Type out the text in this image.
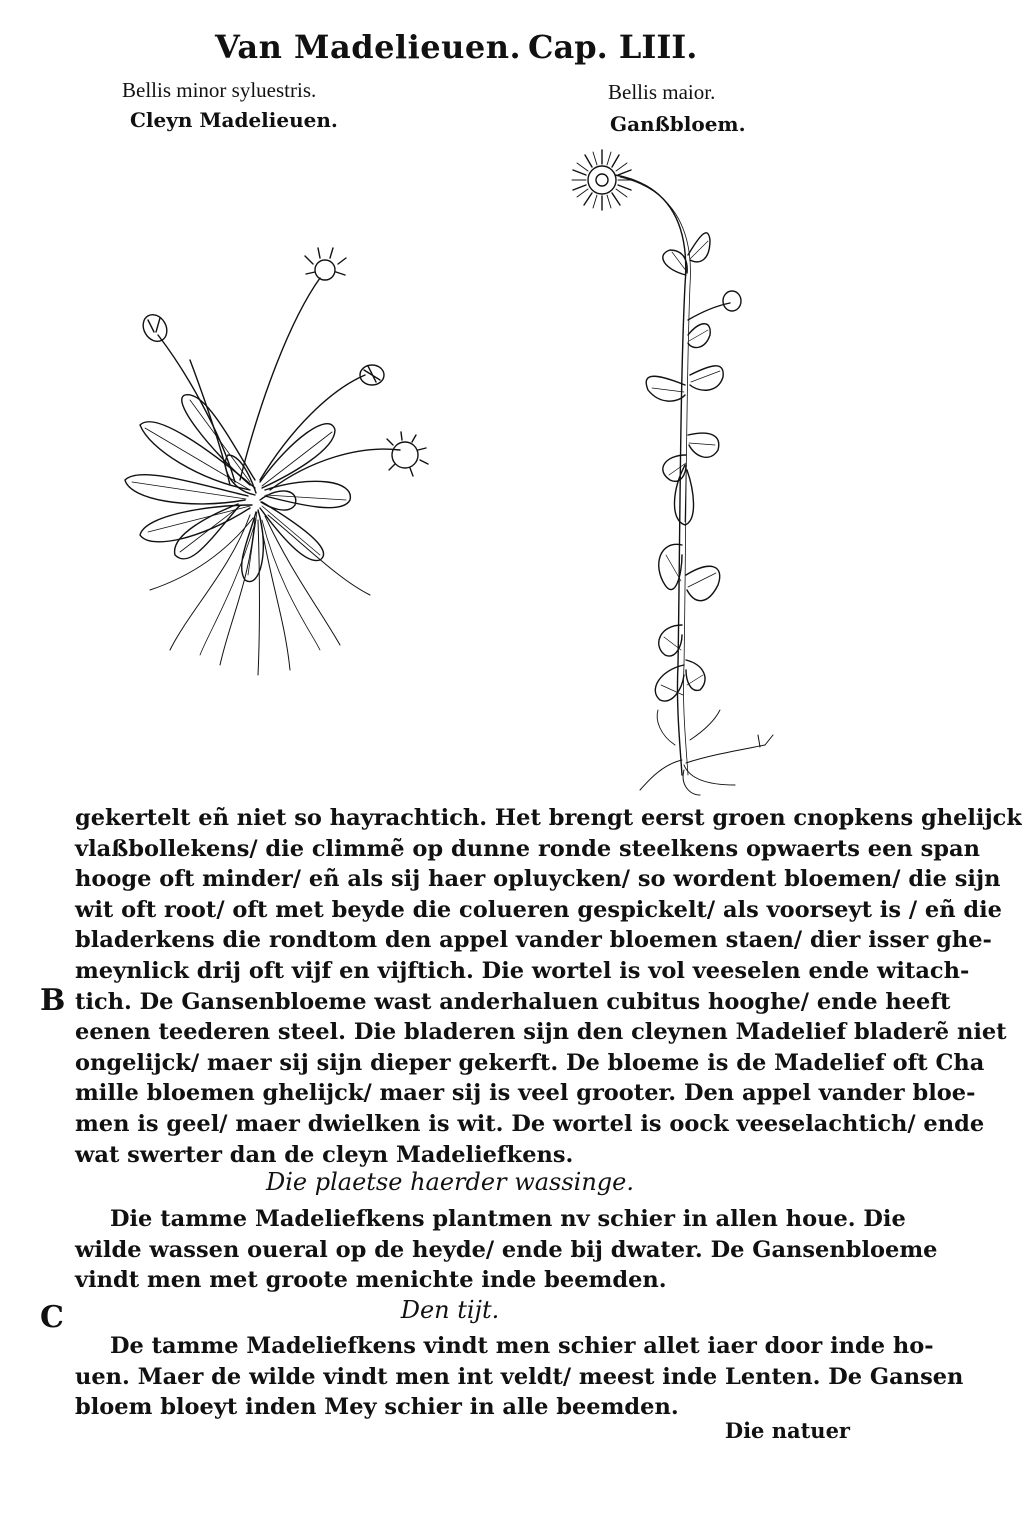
Van Madelieuen. Cap. LIII.
Bellis minor syluestris.
Cleyn Madelieuen.
Bellis maior.
Ganßbloem.
gekertelt eñ niet so hayrachtich. Het brengt eerst groen cnopkens ghelijck
vlaßbollekens/ die climmẽ op dunne ronde steelkens opwaerts een span
hooge oft minder/ eñ als sij haer opluycken/ so wordent bloemen/ die sijn
wit oft root/ oft met beyde die colueren gespickelt/ als voorseyt is / eñ die
bladerkens die rondtom den appel vander bloemen staen/ dier isser ghe-
meynlick drij oft vijf en vijftich. Die wortel is vol veeselen ende witach-
tich. De Gansenbloeme wast anderhaluen cubitus hooghe/ ende heeft
eenen teederen steel. Die bladeren sijn den cleynen Madelief bladerẽ niet
ongelijck/ maer sij sijn dieper gekerft. De bloeme is de Madelief oft Cha
mille bloemen ghelijck/ maer sij is veel grooter. Den appel vander bloe-
men is geel/ maer dwielken is wit. De wortel is oock veeselachtich/ ende
wat swerter dan de cleyn Madeliefkens.
B
Die plaetse haerder wassinge.
Die tamme Madeliefkens plantmen nv schier in allen houe. Die
wilde wassen oueral op de heyde/ ende bij dwater. De Gansenbloeme
vindt men met groote menichte inde beemden.
C	Den tijt.
De tamme Madeliefkens vindt men schier allet iaer door inde ho-
uen. Maer de wilde vindt men int veldt/ meest inde Lenten. De Gansen
bloem bloeyt inden Mey schier in alle beemden.
Die natuer
